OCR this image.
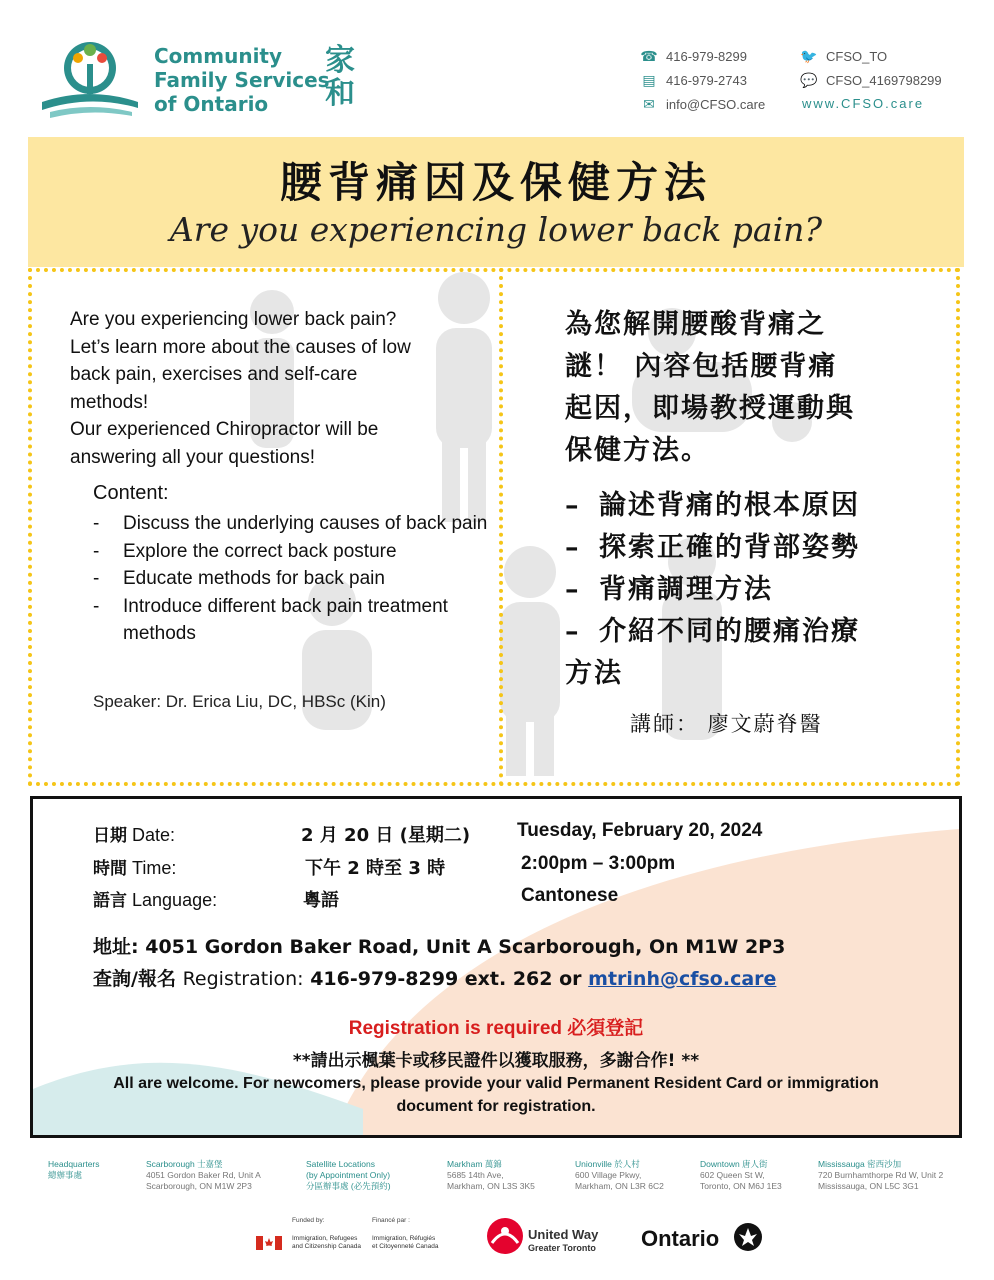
Community
Family Services
of Ontario
家和
☎ 416-979-8299
▤ 416-979-2743
✉ info@CFSO.care
🐦 CFSO_TO
💬 CFSO_4169798299
www.CFSO.care
腰背痛因及保健方法
Are you experiencing lower back pain?
Are you experiencing lower back pain?
Let’s learn more about the causes of low
back pain, exercises and self-care
methods!
Our experienced Chiropractor will be
answering all your questions!
Content:
- Discuss the underlying causes of back pain
- Explore the correct back posture
- Educate methods for back pain
- Introduce different back pain treatment methods
Speaker: Dr. Erica Liu, DC, HBSc (Kin)
為您解開腰酸背痛之
謎！ 內容包括腰背痛
起因，即場教授運動與
保健方法。
– 論述背痛的根本原因
– 探索正確的背部姿勢
– 背痛調理方法
– 介紹不同的腰痛治療
方法
講師： 廖文蔚脊醫
日期 Date:	2 月 20 日 (星期二) Tuesday, February 20, 2024
時間 Time:	下午 2 時至 3 時	2:00pm – 3:00pm
語言 Language:	粵語	Cantonese
地址: 4051 Gordon Baker Road, Unit A Scarborough, On M1W 2P3
查詢/報名 Registration: 416-979-8299 ext. 262 or mtrinh@cfso.care
Registration is required 必須登記
**請出示楓葉卡或移民證件以獲取服務，多謝合作! **
All are welcome. For newcomers, please provide your valid Permanent Resident Card or immigration document for registration.
Headquarters
總辦事處
Scarborough 士嘉堡
4051 Gordon Baker Rd, Unit A
Scarborough, ON M1W 2P3
Satellite Locations
(by Appointment Only)
分區辦事處 (必先預約)
Markham 萬錦
5685 14th Ave,
Markham, ON L3S 3K5
Unionville 於人村
600 Village Pkwy,
Markham, ON L3R 6C2
Downtown 唐人街
602 Queen St W,
Toronto, ON M6J 1E3
Mississauga 密西沙加
720 Burnhamthorpe Rd W, Unit 2
Mississauga, ON L5C 3G1
Funded by:	Financé par :
Immigration, Refugees
and Citizenship Canada
Immigration, Réfugiés
et Citoyenneté Canada
United Way
Greater Toronto Ontario
